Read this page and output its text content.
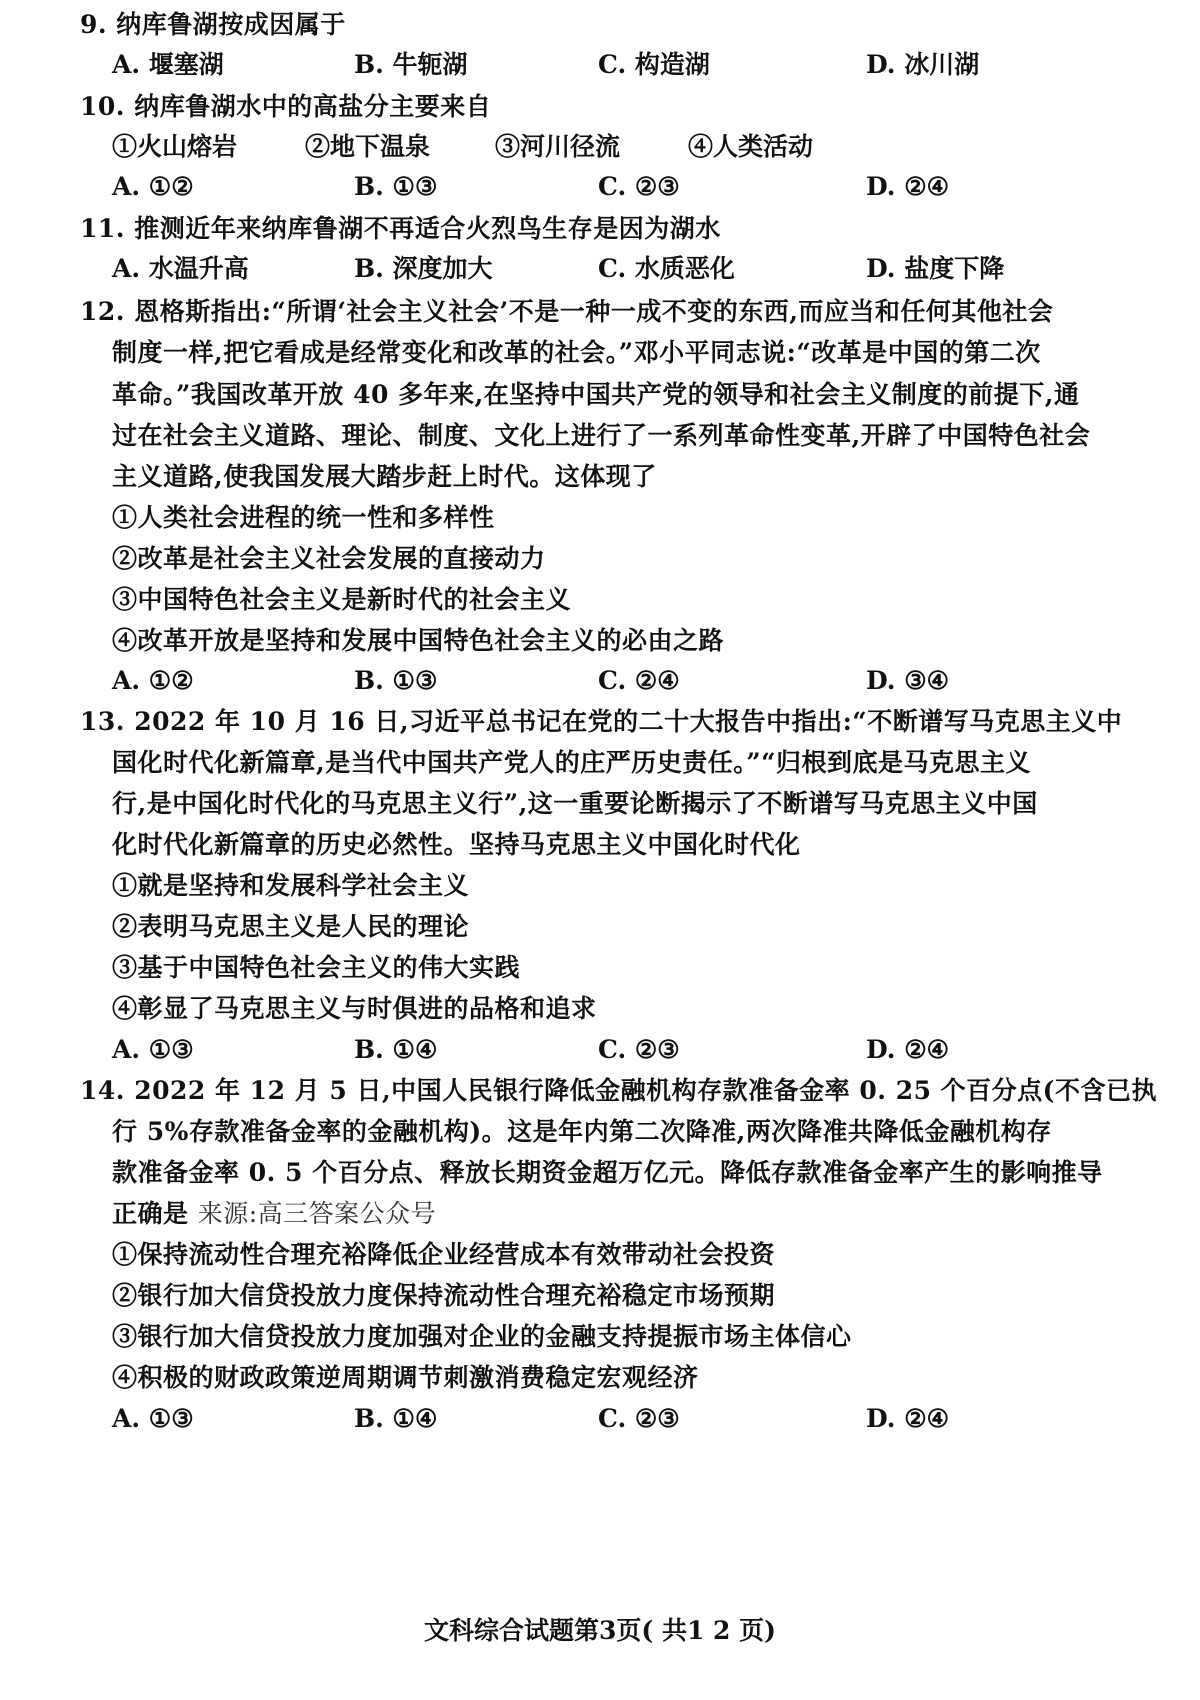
9. 纳库鲁湖按成因属于
A. 堰塞湖	B. 牛轭湖	C. 构造湖	D. 冰川湖
10. 纳库鲁湖水中的高盐分主要来自
①火山熔岩	②地下温泉	③河川径流	④人类活动
A. ①②	B. ①③	C. ②③	D. ②④
11. 推测近年来纳库鲁湖不再适合火烈鸟生存是因为湖水
A. 水温升高	B. 深度加大	C. 水质恶化	D. 盐度下降
12. 恩格斯指出:“所谓‘社会主义社会’不是一种一成不变的东西,而应当和任何其他社会
制度一样,把它看成是经常变化和改革的社会。”邓小平同志说:“改革是中国的第二次
革命。”我国改革开放 40 多年来,在坚持中国共产党的领导和社会主义制度的前提下,通
过在社会主义道路、理论、制度、文化上进行了一系列革命性变革,开辟了中国特色社会
主义道路,使我国发展大踏步赶上时代。这体现了
①人类社会进程的统一性和多样性
②改革是社会主义社会发展的直接动力
③中国特色社会主义是新时代的社会主义
④改革开放是坚持和发展中国特色社会主义的必由之路
A. ①②	B. ①③	C. ②④	D. ③④
13. 2022 年 10 月 16 日,习近平总书记在党的二十大报告中指出:“不断谱写马克思主义中
国化时代化新篇章,是当代中国共产党人的庄严历史责任。”“归根到底是马克思主义
行,是中国化时代化的马克思主义行”,这一重要论断揭示了不断谱写马克思主义中国
化时代化新篇章的历史必然性。坚持马克思主义中国化时代化
①就是坚持和发展科学社会主义
②表明马克思主义是人民的理论
③基于中国特色社会主义的伟大实践
④彰显了马克思主义与时俱进的品格和追求
A. ①③	B. ①④	C. ②③	D. ②④
14. 2022 年 12 月 5 日,中国人民银行降低金融机构存款准备金率 0. 25 个百分点(不含已执
行 5%存款准备金率的金融机构)。这是年内第二次降准,两次降准共降低金融机构存
款准备金率 0. 5 个百分点、释放长期资金超万亿元。降低存款准备金率产生的影响推导
正确是 来源:高三答案公众号
①保持流动性合理充裕降低企业经营成本有效带动社会投资
②银行加大信贷投放力度保持流动性合理充裕稳定市场预期
③银行加大信贷投放力度加强对企业的金融支持提振市场主体信心
④积极的财政政策逆周期调节刺激消费稳定宏观经济
A. ①③	B. ①④	C. ②③	D. ②④
文科综合试题第3页( 共1 2 页)
